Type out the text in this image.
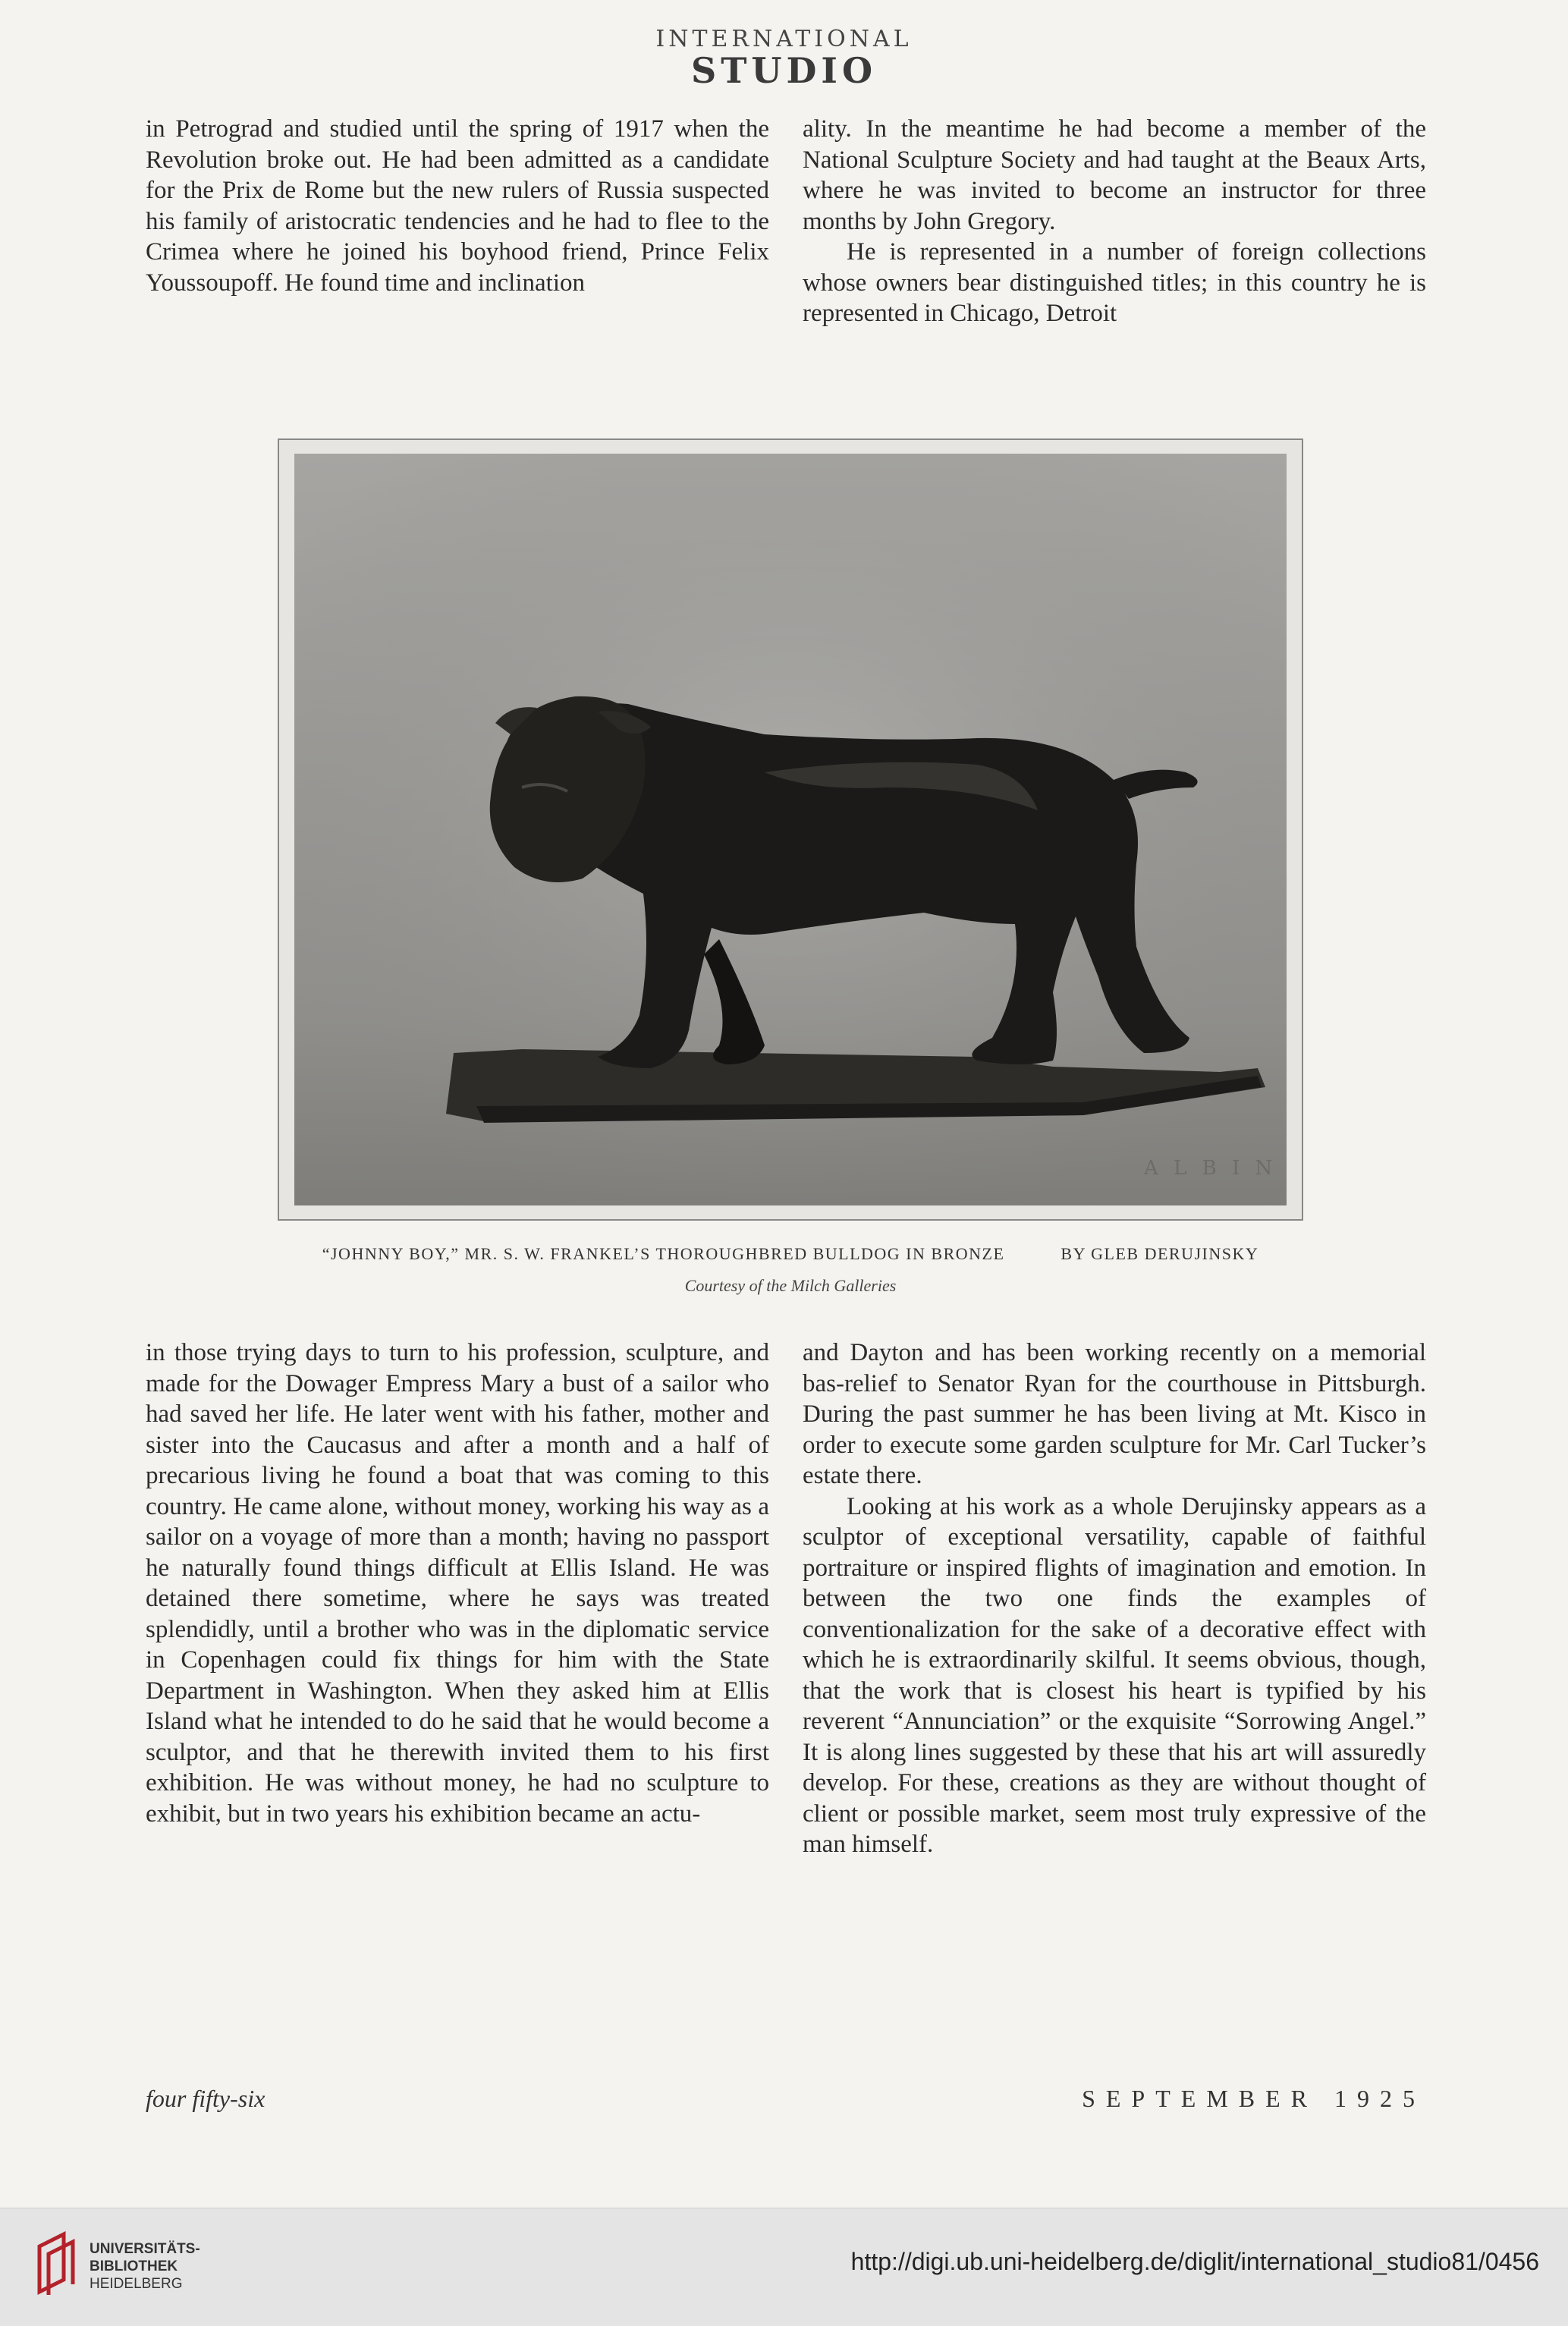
INTERNATIONAL
STUDIO

in Petrograd and studied until the spring of 1917 when the Revolution broke out. He had been admitted as a candidate for the Prix de Rome but the new rulers of Russia suspected his family of aristocratic tendencies and he had to flee to the Crimea where he joined his boyhood friend, Prince Felix Youssoupoff. He found time and inclination

ality. In the meantime he had become a member of the National Sculpture Society and had taught at the Beaux Arts, where he was invited to become an instructor for three months by John Gregory.

He is represented in a number of foreign collections whose owners bear distinguished titles; in this country he is represented in Chicago, Detroit

A L B I N
“JOHNNY BOY,” MR. S. W. FRANKEL’S THOROUGHBRED BULLDOG IN BRONZE	BY GLEB DERUJINSKY
Courtesy of the Milch Galleries

in those trying days to turn to his profession, sculpture, and made for the Dowager Empress Mary a bust of a sailor who had saved her life. He later went with his father, mother and sister into the Caucasus and after a month and a half of precarious living he found a boat that was coming to this country. He came alone, without money, working his way as a sailor on a voyage of more than a month; having no passport he naturally found things difficult at Ellis Island. He was detained there sometime, where he says was treated splendidly, until a brother who was in the diplomatic service in Copenhagen could fix things for him with the State Department in Washington. When they asked him at Ellis Island what he intended to do he said that he would become a sculptor, and that he therewith invited them to his first exhibition. He was without money, he had no sculpture to exhibit, but in two years his exhibition became an actu-

and Dayton and has been working recently on a memorial bas-relief to Senator Ryan for the courthouse in Pittsburgh. During the past summer he has been living at Mt. Kisco in order to execute some garden sculpture for Mr. Carl Tucker’s estate there.

Looking at his work as a whole Derujinsky appears as a sculptor of exceptional versatility, capable of faithful portraiture or inspired flights of imagination and emotion. In between the two one finds the examples of conventionalization for the sake of a decorative effect with which he is extraordinarily skilful. It seems obvious, though, that the work that is closest his heart is typified by his reverent “Annunciation” or the exquisite “Sorrowing Angel.” It is along lines suggested by these that his art will assuredly develop. For these, creations as they are without thought of client or possible market, seem most truly expressive of the man himself.

four fifty-six	SEPTEMBER 1925
UNIVERSITÄTS-
BIBLIOTHEK
HEIDELBERG
http://digi.ub.uni-heidelberg.de/diglit/international_studio81/0456
